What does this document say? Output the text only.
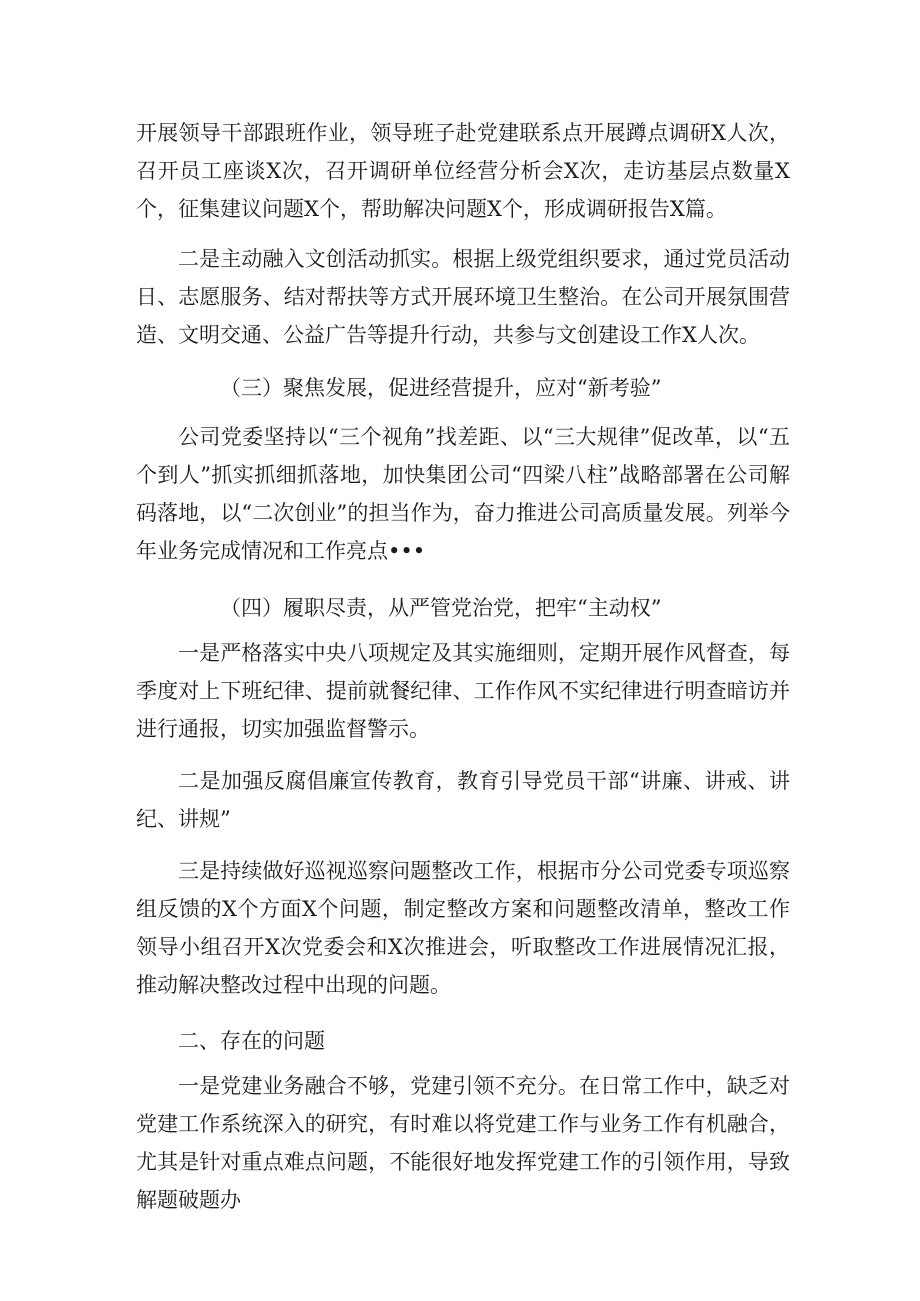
开展领导干部跟班作业，领导班子赴党建联系点开展蹲点调研X人次，召开员工座谈X次，召开调研单位经营分析会X次，走访基层点数量X个，征集建议问题X个，帮助解决问题X个，形成调研报告X篇。

二是主动融入文创活动抓实。根据上级党组织要求，通过党员活动日、志愿服务、结对帮扶等方式开展环境卫生整治。在公司开展氛围营造、文明交通、公益广告等提升行动，共参与文创建设工作X人次。

（三）聚焦发展，促进经营提升，应对“新考验”

公司党委坚持以“三个视角”找差距、以“三大规律”促改革，以“五个到人”抓实抓细抓落地，加快集团公司“四梁八柱”战略部署在公司解码落地，以“二次创业”的担当作为，奋力推进公司高质量发展。列举今年业务完成情况和工作亮点•••

（四）履职尽责，从严管党治党，把牢“主动权”

一是严格落实中央八项规定及其实施细则，定期开展作风督查，每季度对上下班纪律、提前就餐纪律、工作作风不实纪律进行明查暗访并进行通报，切实加强监督警示。

二是加强反腐倡廉宣传教育，教育引导党员干部“讲廉、讲戒、讲纪、讲规”

三是持续做好巡视巡察问题整改工作，根据市分公司党委专项巡察组反馈的X个方面X个问题，制定整改方案和问题整改清单，整改工作领导小组召开X次党委会和X次推进会，听取整改工作进展情况汇报，推动解决整改过程中出现的问题。

二、存在的问题

一是党建业务融合不够，党建引领不充分。在日常工作中，缺乏对党建工作系统深入的研究，有时难以将党建工作与业务工作有机融合，尤其是针对重点难点问题，不能很好地发挥党建工作的引领作用，导致解题破题办
